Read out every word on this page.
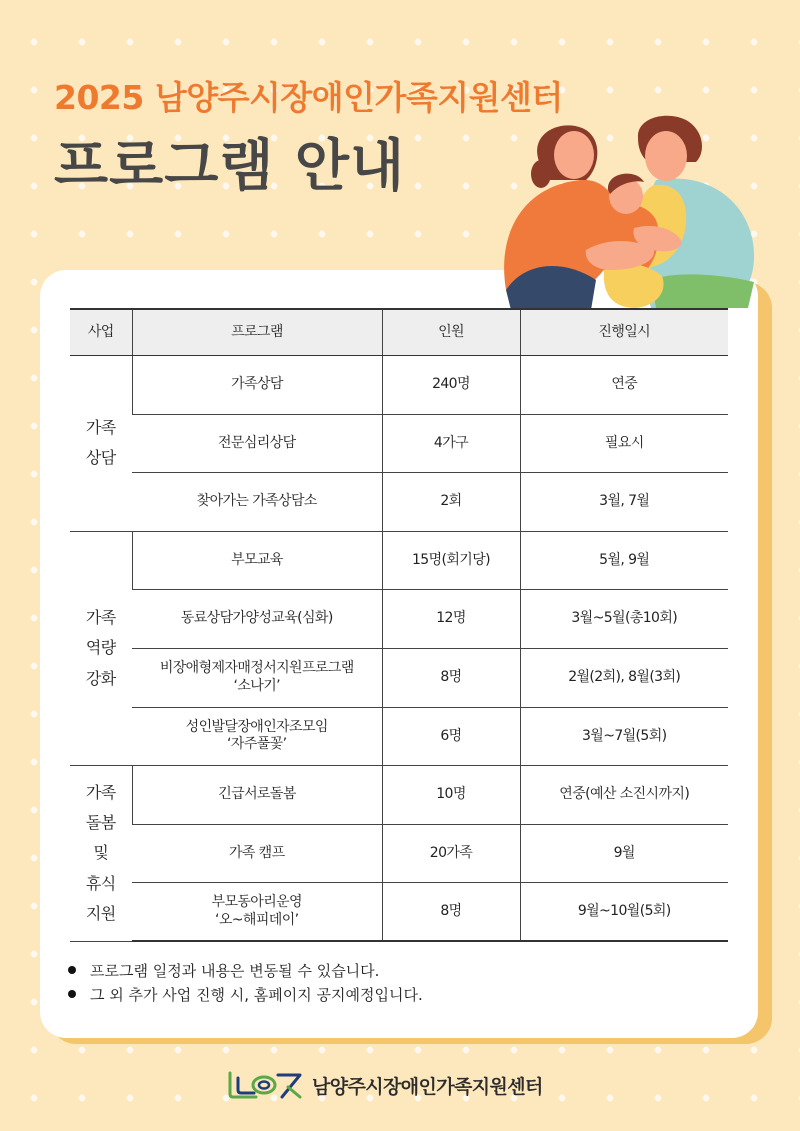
2025 남양주시장애인가족지원센터
프로그램 안내
사업	프로그램	인원	진행일시

가족
상담	가족상담	240명	연중
	전문심리상담	4가구	필요시
	찾아가는 가족상담소	2회	3월, 7월

가족
역량
강화	부모교육	15명(회기당)	5월, 9월
	동료상담가양성교육(심화)	12명	3월~5월(총10회)
	비장애형제자매정서지원프로그램
‘소나기’	8명	2월(2회), 8월(3회)
	성인발달장애인자조모임
‘자주풀꽃’	6명	3월~7월(5회)

가족
돌봄
및
휴식
지원	긴급서로돌봄	10명	연중(예산 소진시까지)
	가족 캠프	20가족	9월
	부모동아리운영
‘오~해피데이’	8명	9월~10월(5회)
프로그램 일정과 내용은 변동될 수 있습니다.
그 외 추가 사업 진행 시, 홈페이지 공지예정입니다.
남양주시장애인가족지원센터
